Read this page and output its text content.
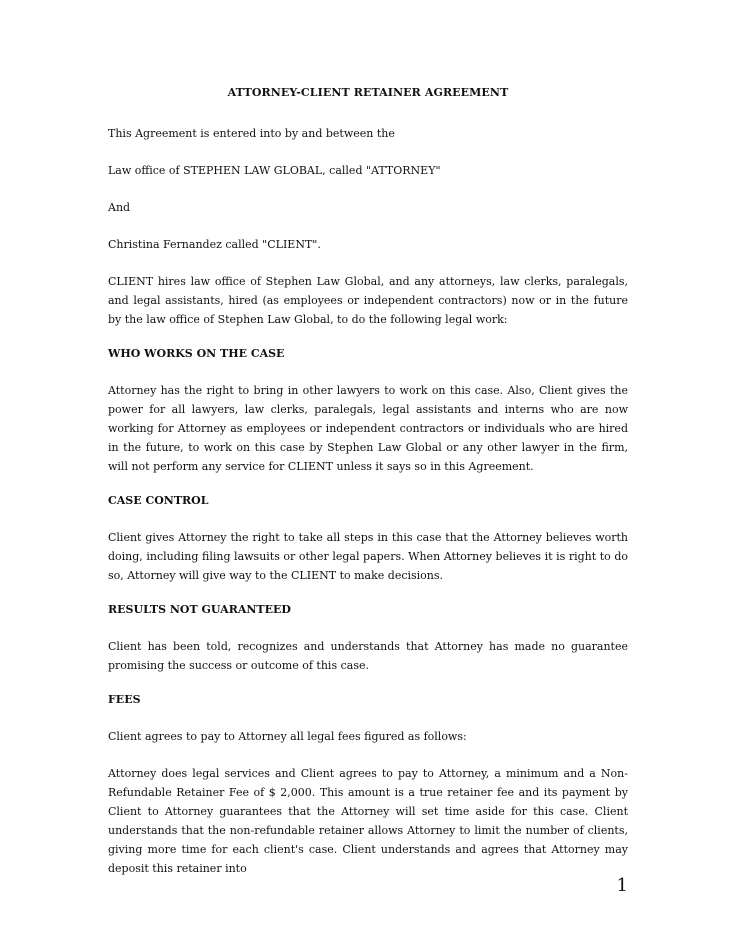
ATTORNEY-CLIENT RETAINER AGREEMENT

This Agreement is entered into by and between the

Law office of STEPHEN LAW GLOBAL, called "ATTORNEY"

And

Christina Fernandez called "CLIENT".

CLIENT hires law office of Stephen Law Global, and any attorneys, law clerks, paralegals, and legal assistants, hired (as employees or independent contractors) now or in the future by the law office of Stephen Law Global, to do the following legal work:

WHO WORKS ON THE CASE

Attorney has the right to bring in other lawyers to work on this case. Also, Client gives the power for all lawyers, law clerks, paralegals, legal assistants and interns who are now working for Attorney as employees or independent contractors or individuals who are hired in the future, to work on this case by Stephen Law Global or any other lawyer in the firm, will not perform any service for CLIENT unless it says so in this Agreement.

CASE CONTROL

Client gives Attorney the right to take all steps in this case that the Attorney believes worth doing, including filing lawsuits or other legal papers. When Attorney believes it is right to do so, Attorney will give way to the CLIENT to make decisions.

RESULTS NOT GUARANTEED

Client has been told, recognizes and understands that Attorney has made no guarantee promising the success or outcome of this case.

FEES

Client agrees to pay to Attorney all legal fees figured as follows:

Attorney does legal services and Client agrees to pay to Attorney, a minimum and a Non-Refundable Retainer Fee of $ 2,000. This amount is a true retainer fee and its payment by Client to Attorney guarantees that the Attorney will set time aside for this case. Client understands that the non-refundable retainer allows Attorney to limit the number of clients, giving more time for each client's case. Client understands and agrees that Attorney may deposit this retainer into

1
